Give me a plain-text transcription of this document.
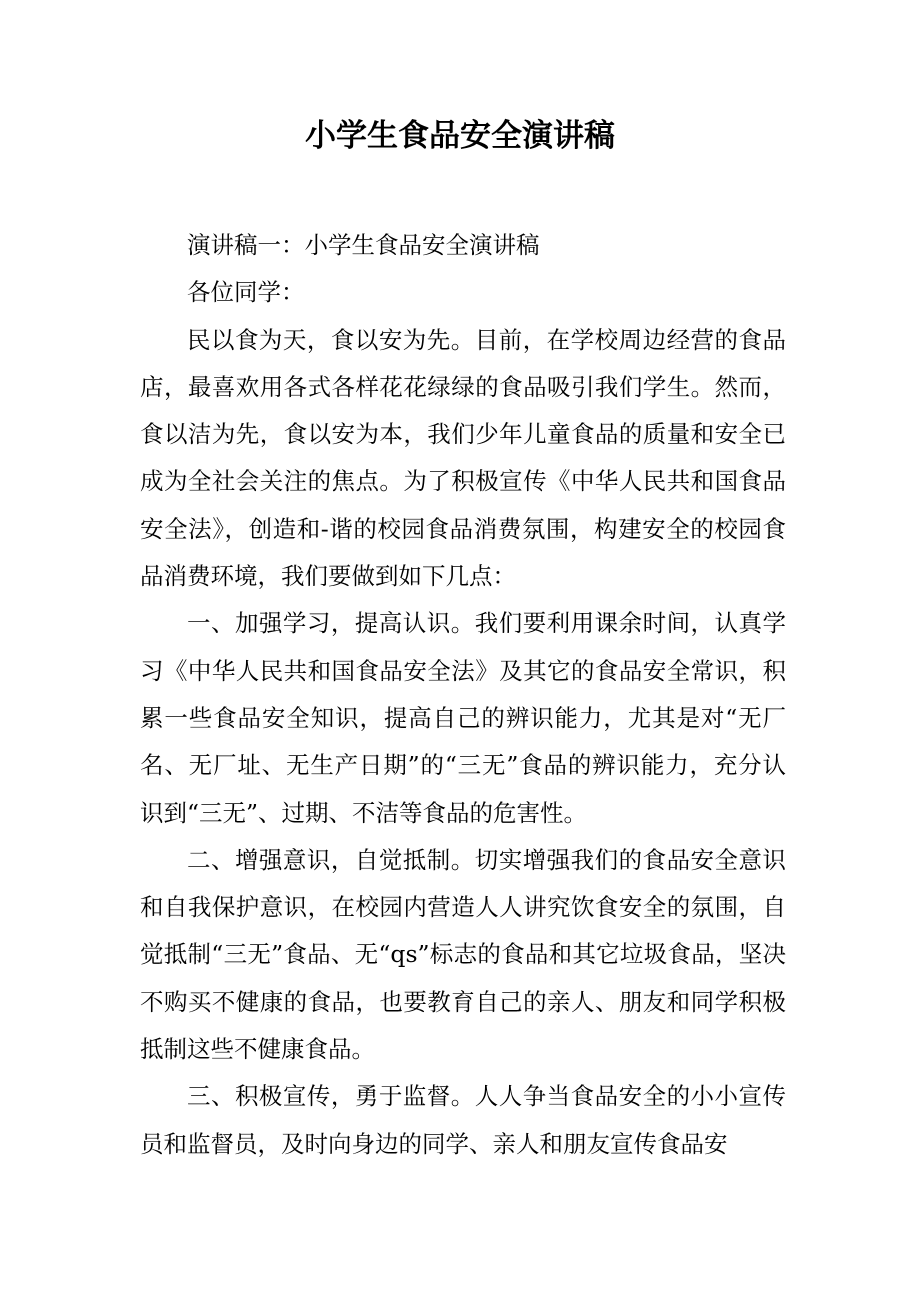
小学生食品安全演讲稿

演讲稿一：小学生食品安全演讲稿

各位同学：

民以食为天，食以安为先。目前，在学校周边经营的食品店，最喜欢用各式各样花花绿绿的食品吸引我们学生。然而，食以洁为先，食以安为本，我们少年儿童食品的质量和安全已成为全社会关注的焦点。为了积极宣传《中华人民共和国食品安全法》，创造和-谐的校园食品消费氛围，构建安全的校园食品消费环境，我们要做到如下几点：

一、加强学习，提高认识。我们要利用课余时间，认真学习《中华人民共和国食品安全法》及其它的食品安全常识，积累一些食品安全知识，提高自己的辨识能力，尤其是对“无厂名、无厂址、无生产日期”的“三无”食品的辨识能力，充分认识到“三无”、过期、不洁等食品的危害性。

二、增强意识，自觉抵制。切实增强我们的食品安全意识和自我保护意识，在校园内营造人人讲究饮食安全的氛围，自觉抵制“三无”食品、无“qs”标志的食品和其它垃圾食品，坚决不购买不健康的食品，也要教育自己的亲人、朋友和同学积极抵制这些不健康食品。

三、积极宣传，勇于监督。人人争当食品安全的小小宣传员和监督员，及时向身边的同学、亲人和朋友宣传食品安
